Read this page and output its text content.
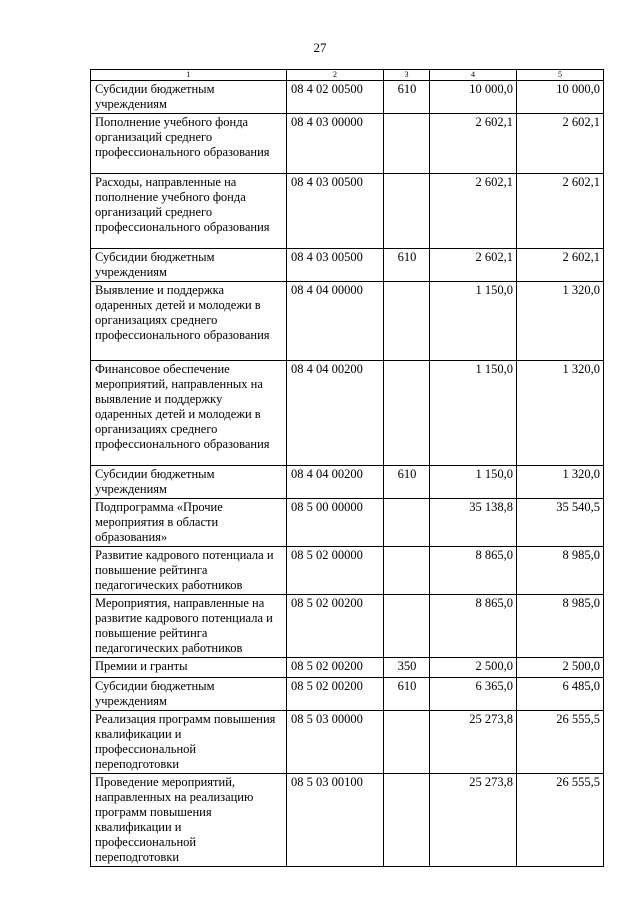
27
1	2	3	4	5
Субсидии бюджетным учреждениям	08 4 02 00500	610	10 000,0	10 000,0
Пополнение учебного фонда организаций среднего профессионального образования	08 4 03 00000		2 602,1	2 602,1
Расходы, направленные на пополнение учебного фонда организаций среднего профессионального образования	08 4 03 00500		2 602,1	2 602,1
Субсидии бюджетным учреждениям	08 4 03 00500	610	2 602,1	2 602,1
Выявление и поддержка одаренных детей и молодежи в организациях среднего профессионального образования	08 4 04 00000		1 150,0	1 320,0
Финансовое обеспечение мероприятий, направленных на выявление и поддержку одаренных детей и молодежи в организациях среднего профессионального образования	08 4 04 00200		1 150,0	1 320,0
Субсидии бюджетным учреждениям	08 4 04 00200	610	1 150,0	1 320,0
Подпрограмма «Прочие мероприятия в области образования»	08 5 00 00000		35 138,8	35 540,5
Развитие кадрового потенциала и повышение рейтинга педагогических работников	08 5 02 00000		8 865,0	8 985,0
Мероприятия, направленные на развитие кадрового потенциала и повышение рейтинга педагогических работников	08 5 02 00200		8 865,0	8 985,0
Премии и гранты	08 5 02 00200	350	2 500,0	2 500,0
Субсидии бюджетным учреждениям	08 5 02 00200	610	6 365,0	6 485,0
Реализация программ повышения квалификации и профессиональной переподготовки	08 5 03 00000		25 273,8	26 555,5
Проведение мероприятий, направленных на реализацию программ повышения квалификации и профессиональной переподготовки	08 5 03 00100		25 273,8	26 555,5
